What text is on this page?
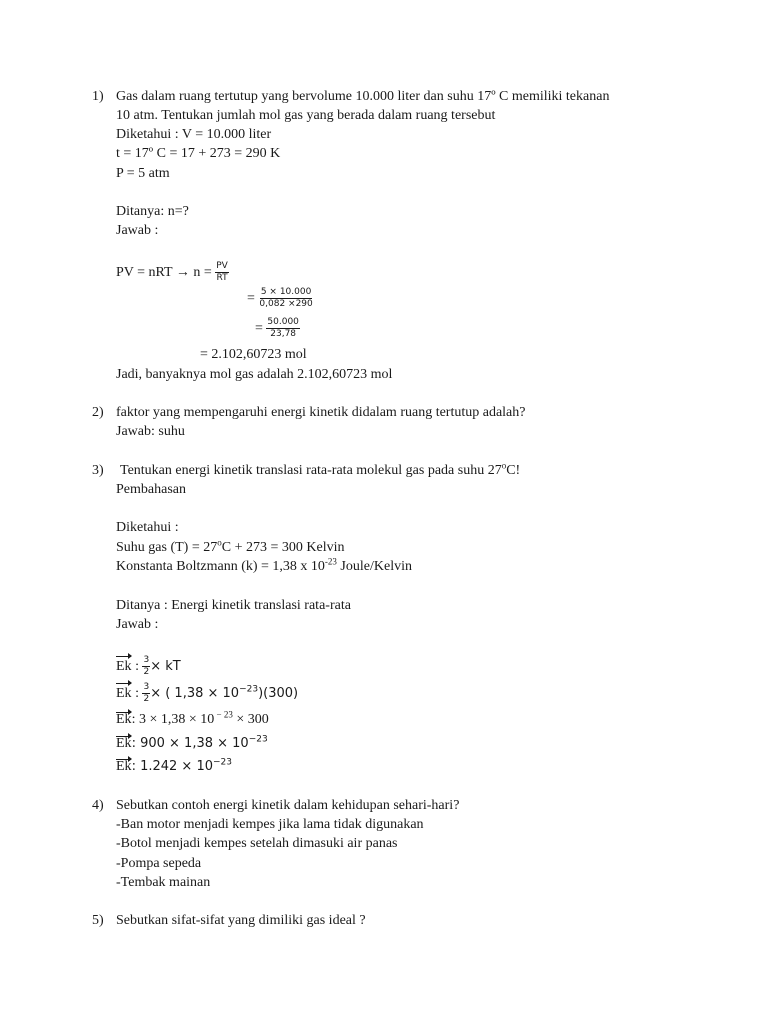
1) Gas dalam ruang tertutup yang bervolume 10.000 liter dan suhu 17º C memiliki tekanan
10 atm. Tentukan jumlah mol gas yang berada dalam ruang tersebut
Diketahui : V = 10.000 liter
t = 17º C = 17 + 273 = 290 K
P = 5 atm
Ditanya: n=?
Jawab :
PV = nRT → $n = \frac{PV}{RT}$
= $\frac{5 \times 10.000}{0,082 \times 290}$
= $\frac{50.000}{23,78}$
= 2.102,60723 mol
Jadi, banyaknya mol gas adalah 2.102,60723 mol
2) faktor yang mempengaruhi energi kinetik didalam ruang tertutup adalah?
Jawab: suhu
3) Tentukan energi kinetik translasi rata-rata molekul gas pada suhu 27$^o$C!
Pembahasan
Diketahui :
Suhu gas $(T) = 27^oC + 273 = 300$ Kelvin
Konstanta Boltzmann (k) = 1,38 x $10^{-23}$ Joule/Kelvin
Ditanya : Energi kinetik translasi rata-rata
Jawab :
Ek : $\frac{3}{2}$ × kT
Ek : $\frac{3}{2}$ × ( $1,38 \times 10^{-23})(300)$
Ek: 3 × 1,38 × 10 $^{- 23}$ × 300
Ek: $900 \times 1,38 \times 10^{-23}$
Ek: $1.242 \times 10^{-23}$
4) Sebutkan contoh energi kinetik dalam kehidupan sehari-hari?
-Ban motor menjadi kempes jika lama tidak digunakan
-Botol menjadi kempes setelah dimasuki air panas
-Pompa sepeda
-Tembak mainan
5) Sebutkan sifat-sifat yang dimiliki gas ideal ?
